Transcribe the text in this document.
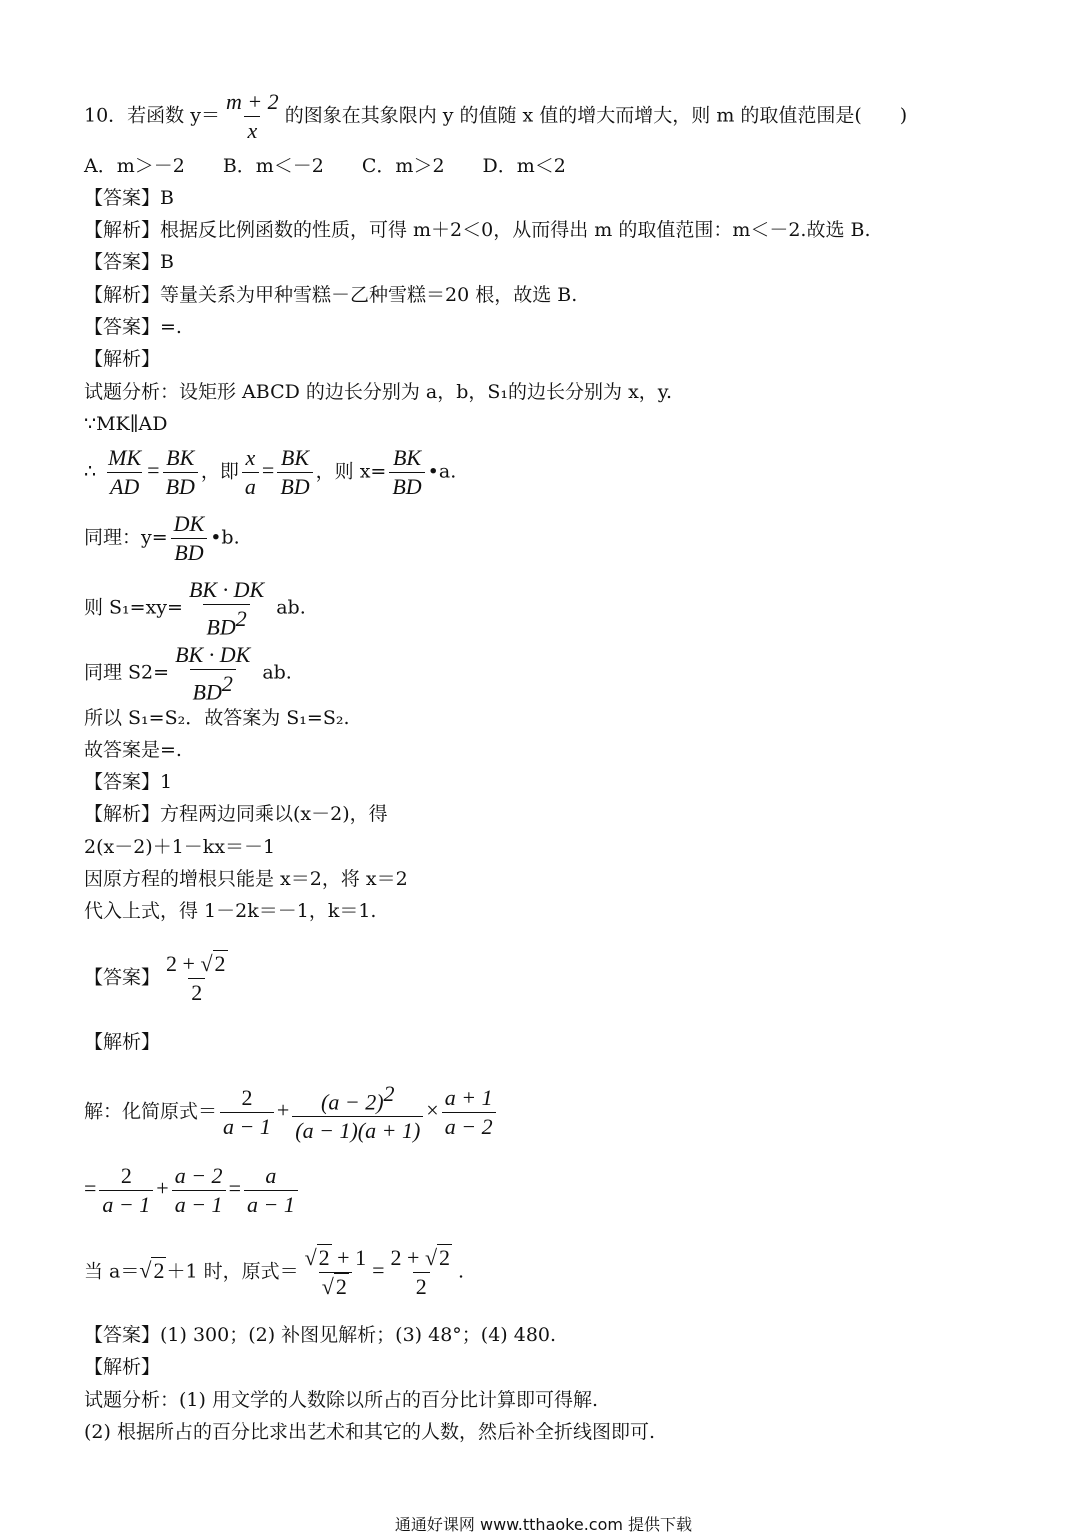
10．若函数 $y= \frac{m + 2}{x}$ 的图象在其象限内 y 的值随 x 值的增大而增大，则 m 的取值范围是(　　)
A．m＞－2　　B．m＜－2　　C．m＞2　　D．m＜2
【答案】B
【解析】根据反比例函数的性质，可得 m＋2＜0，从而得出 m 的取值范围：m＜－2.故选 B.
【答案】B
【解析】等量关系为甲种雪糕－乙种雪糕＝20 根，故选 B.
【答案】=.
【解析】
试题分析：设矩形 ABCD 的边长分别为 a，b，S₁的边长分别为 x，y.
∵MK∥AD
∴ $\frac{MK}{AD} = \frac{BK}{BD}$ ，即 $\frac{x}{a} = \frac{BK}{BD}$ ，则 $x= \frac{BK}{BD}$ •a.
同理：$y= \frac{DK}{BD}$ •b.
则 $S_1=xy= \frac{BK \cdot DK}{BD^2}$ ab.
同理 $S2= \frac{BK \cdot DK}{BD^2}$ ab.
所以 S₁=S₂．故答案为 S₁=S₂.
故答案是=.
【答案】1
【解析】方程两边同乘以(x－2)，得
2(x－2)＋1－kx＝－1
因原方程的增根只能是 x＝2，将 x＝2
代入上式，得 1－2k＝－1，k＝1.
【答案】 $\frac{2 + √2}{2}$
【解析】
解：化简原式＝ $\frac{2}{a - 1} + \frac{(a - 2)^2}{(a - 1)(a + 1)} \times \frac{a + 1}{a - 2}$
= $\frac{2}{a - 1} + \frac{a - 2}{a - 1} = \frac{a}{a - 1}$
当 a＝√2 ＋1 时，原式＝ $\frac{√2 + 1}{√2} = \frac{2 + √2}{2}$ .
【答案】(1) 300；(2) 补图见解析；(3) 48°；(4) 480.
【解析】
试题分析：(1) 用文学的人数除以所占的百分比计算即可得解.
(2) 根据所占的百分比求出艺术和其它的人数，然后补全折线图即可.
通通好课网 www.tthaoke.com 提供下载
